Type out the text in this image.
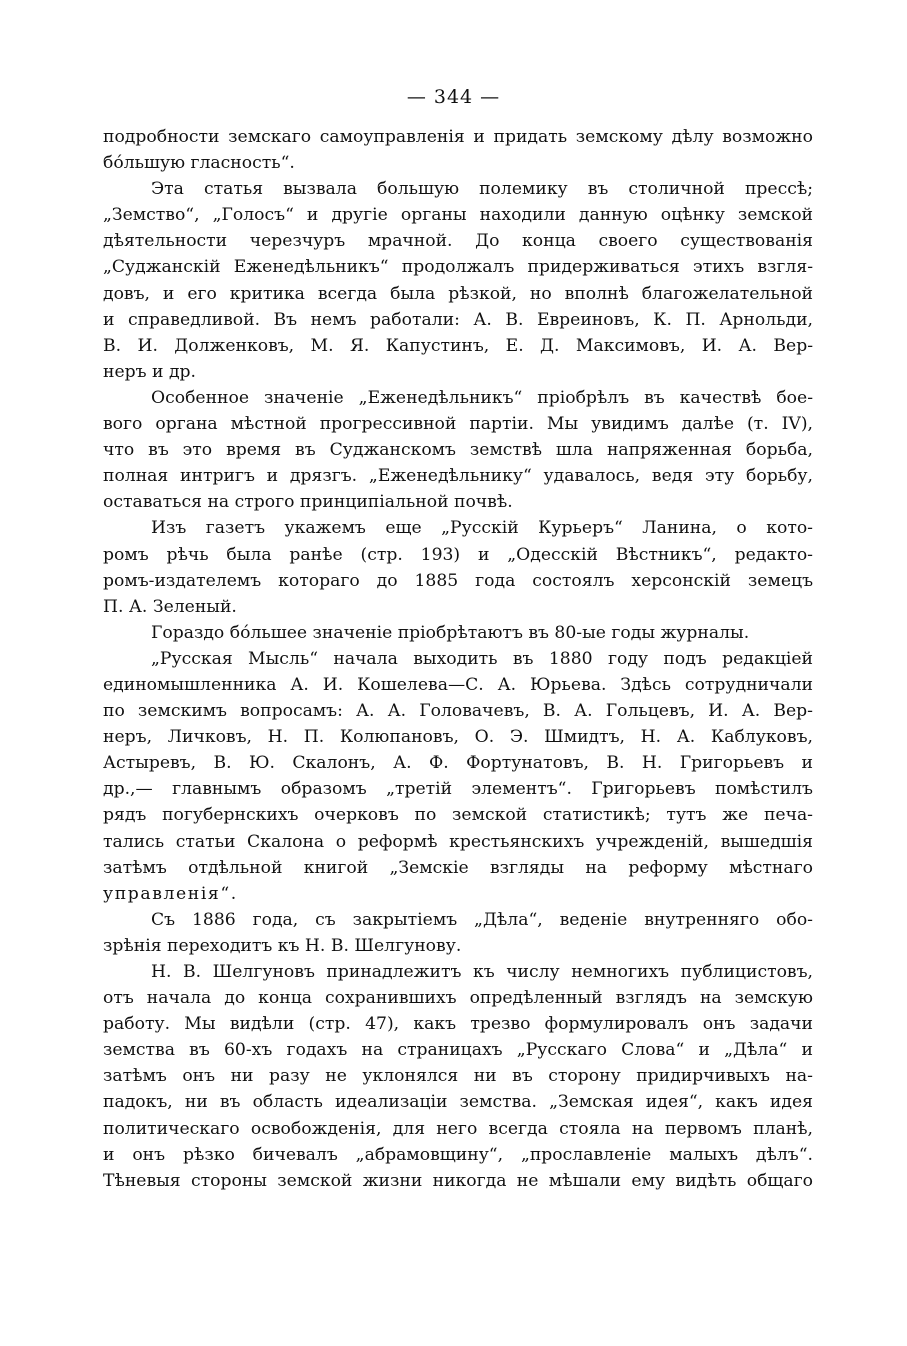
— 344 —
подробности земскаго самоуправленія и придать земскому дѣлу возможно
бо́льшую гласность“.
Эта статья вызвала большую полемику въ столичной прессѣ;
„Земство“, „Голосъ“ и другіе органы находили данную оцѣнку земской
дѣятельности черезчуръ мрачной. До конца своего существованія
„Суджанскій Еженедѣльникъ“ продолжалъ придерживаться этихъ взгля-
довъ, и его критика всегда была рѣзкой, но вполнѣ благожелательной
и справедливой. Въ немъ работали: А. В. Евреиновъ, К. П. Арнольди,
В. И. Долженковъ, М. Я. Капустинъ, Е. Д. Максимовъ, И. А. Вер-
неръ и др.
Особенное значеніе „Еженедѣльникъ“ пріобрѣлъ въ качествѣ бое-
вого органа мѣстной прогрессивной партіи. Мы увидимъ далѣе (т. IV),
что въ это время въ Суджанскомъ земствѣ шла напряженная борьба,
полная интригъ и дрязгъ. „Еженедѣльнику“ удавалось, ведя эту борьбу,
оставаться на строго принципіальной почвѣ.
Изъ газетъ укажемъ еще „Русскій Курьеръ“ Ланина, о кото-
ромъ рѣчь была ранѣе (стр. 193) и „Одесскій Вѣстникъ“, редакто-
ромъ-издателемъ котораго до 1885 года состоялъ херсонскій земецъ
П. А. Зеленый.
Гораздо бо́льшее значеніе пріобрѣтаютъ въ 80-ые годы журналы.
„Русская Мысль“ начала выходить въ 1880 году подъ редакціей
единомышленника А. И. Кошелева—С. А. Юрьева. Здѣсь сотрудничали
по земскимъ вопросамъ: А. А. Головачевъ, В. А. Гольцевъ, И. А. Вер-
неръ, Личковъ, Н. П. Колюпановъ, О. Э. Шмидтъ, Н. А. Каблуковъ,
Астыревъ, В. Ю. Скалонъ, А. Ф. Фортунатовъ, В. Н. Григорьевъ и
др.,— главнымъ образомъ „третій элементъ“. Григорьевъ помѣстилъ
рядъ погубернскихъ очерковъ по земской статистикѣ; тутъ же печа-
тались статьи Скалона о реформѣ крестьянскихъ учрежденій, вышедшія
затѣмъ отдѣльной книгой „Земскіе взгляды на реформу мѣстнаго
управленія“.
Съ 1886 года, съ закрытіемъ „Дѣла“, веденіе внутренняго обо-
зрѣнія переходитъ къ Н. В. Шелгунову.
Н. В. Шелгуновъ принадлежитъ къ числу немногихъ публицистовъ,
отъ начала до конца сохранившихъ опредѣленный взглядъ на земскую
работу. Мы видѣли (стр. 47), какъ трезво формулировалъ онъ задачи
земства въ 60-хъ годахъ на страницахъ „Русскаго Слова“ и „Дѣла“ и
затѣмъ онъ ни разу не уклонялся ни въ сторону придирчивыхъ на-
падокъ, ни въ область идеализаціи земства. „Земская идея“, какъ идея
политическаго освобожденія, для него всегда стояла на первомъ планѣ,
и онъ рѣзко бичевалъ „абрамовщину“, „прославленіе малыхъ дѣлъ“.
Тѣневыя стороны земской жизни никогда не мѣшали ему видѣть общаго
